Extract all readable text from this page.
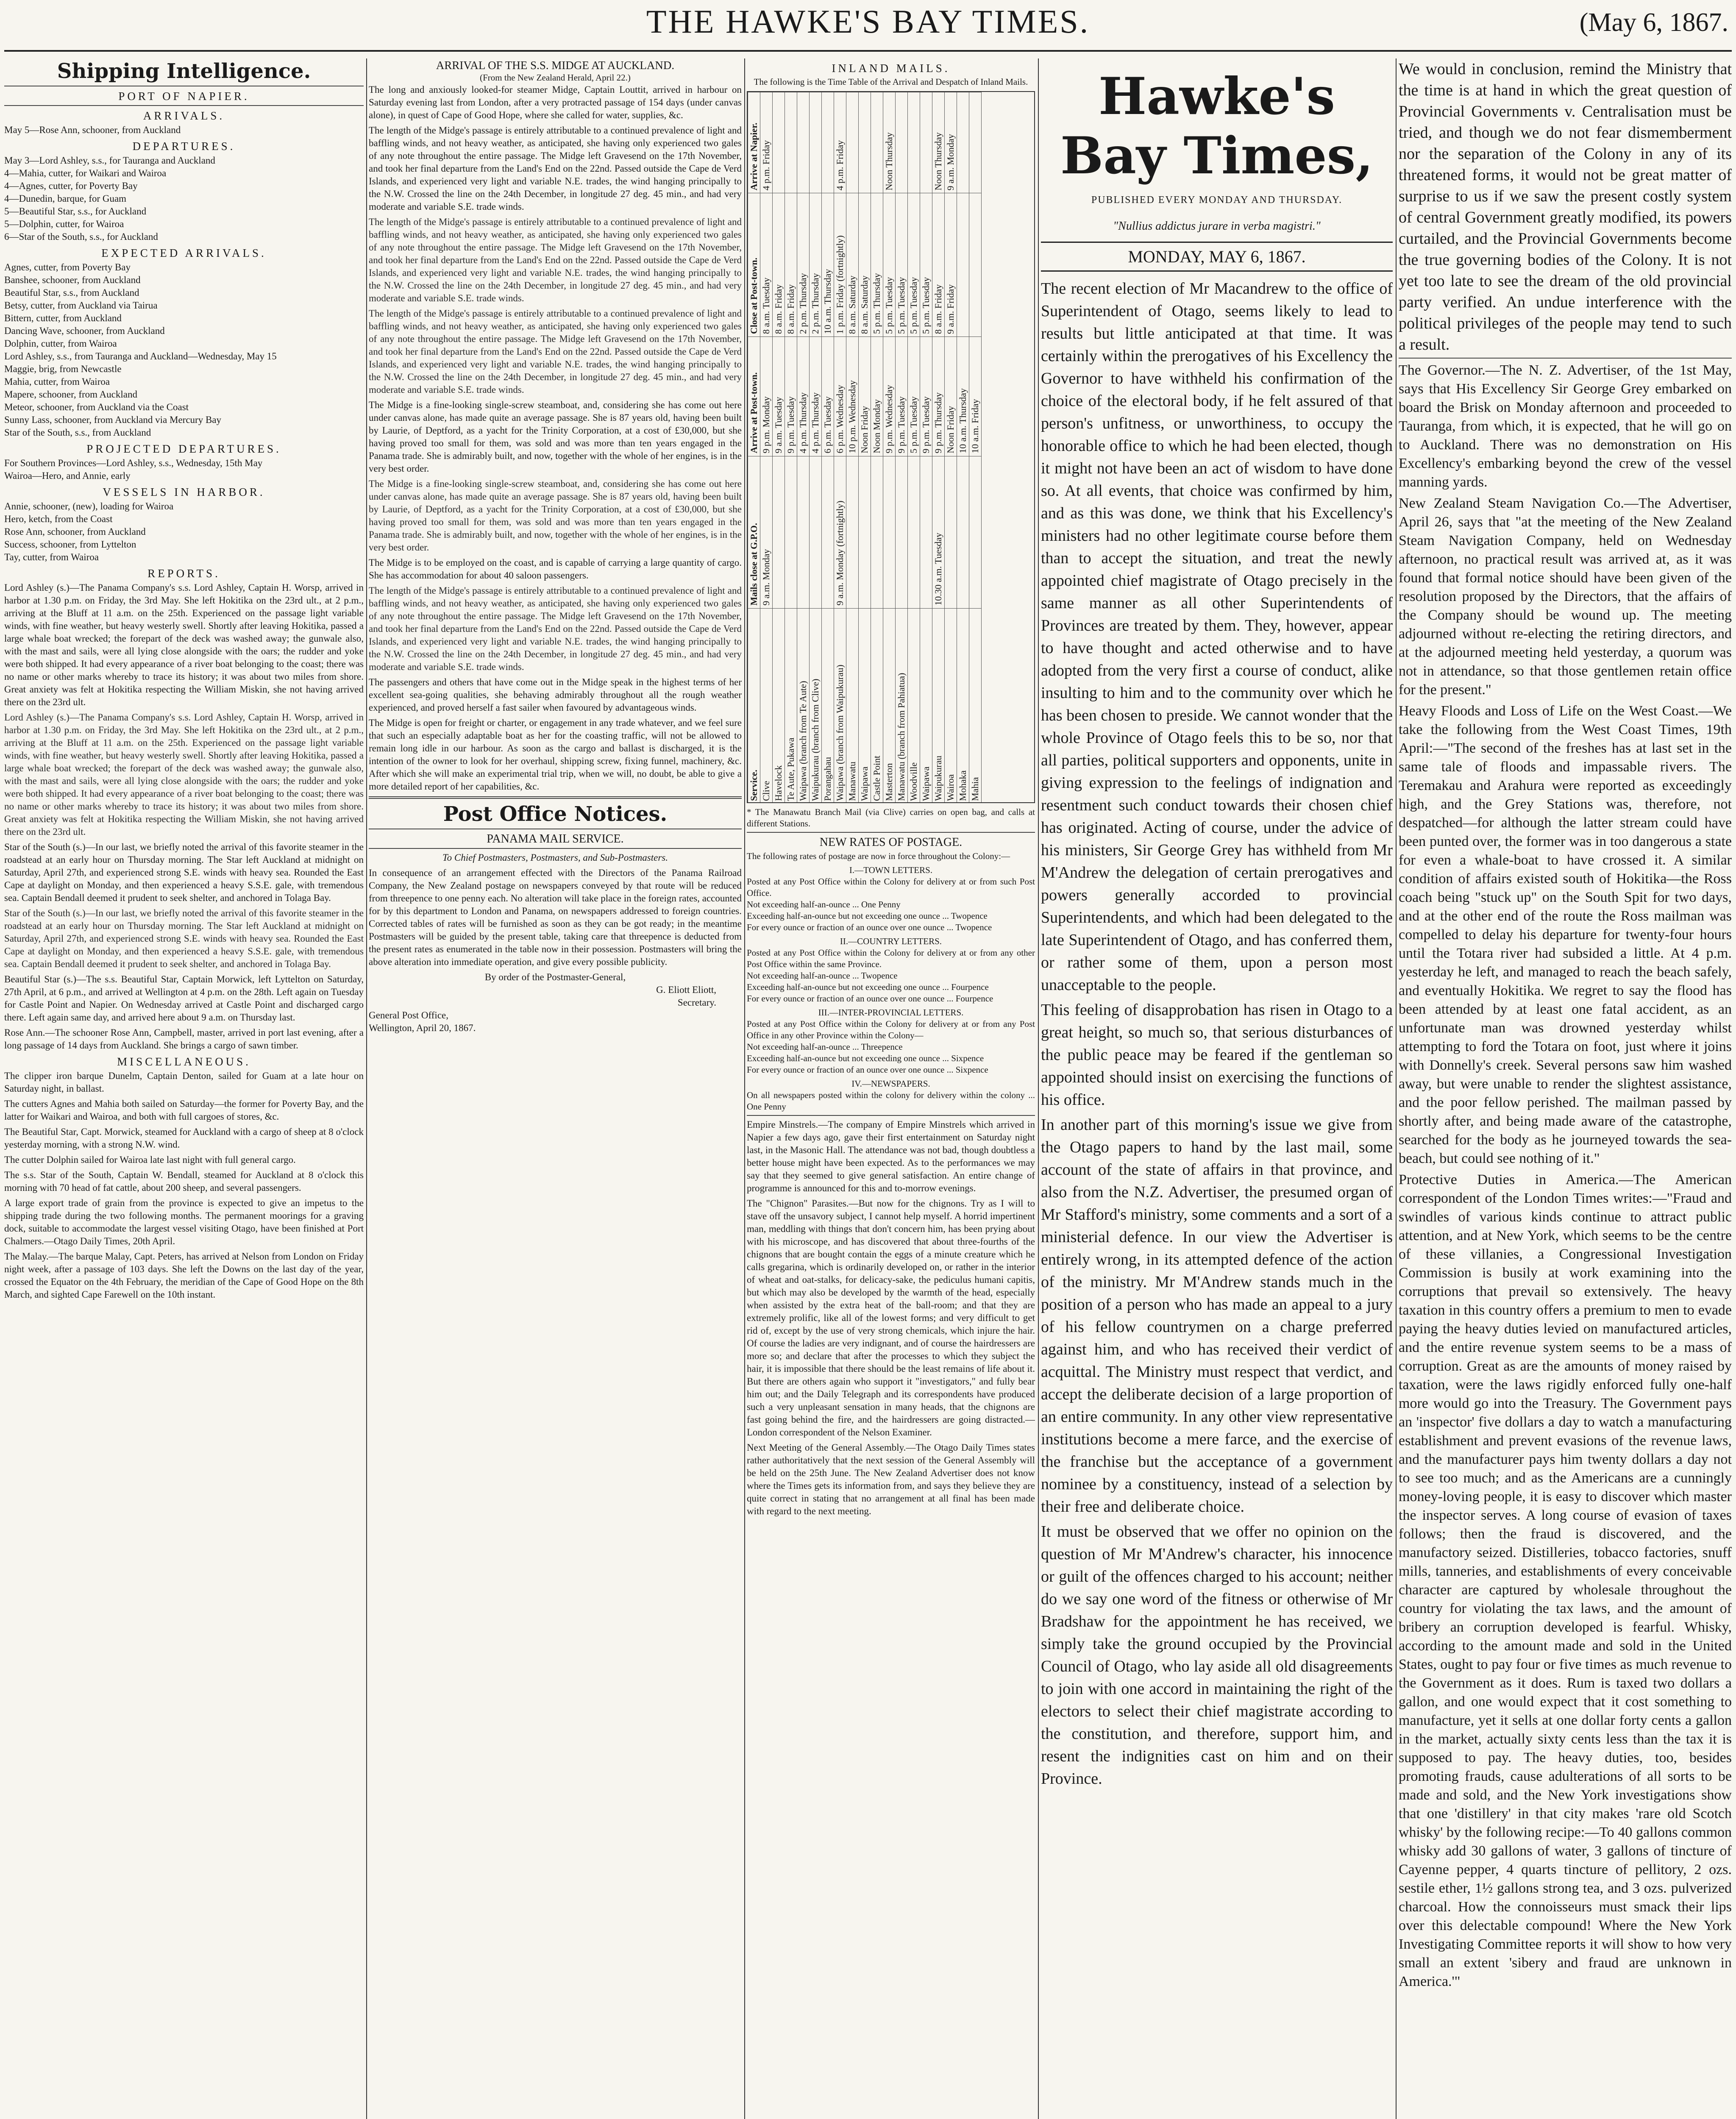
THE HAWKE'S BAY TIMES.	(May 6, 1867.
Shipping Intelligence.
PORT OF NAPIER.
ARRIVALS.
May 5—Rose Ann, schooner, from Auckland
DEPARTURES.
May 3—Lord Ashley, s.s., for Tauranga and Auckland
4—Mahia, cutter, for Waikari and Wairoa
4—Agnes, cutter, for Poverty Bay
4—Dunedin, barque, for Guam
5—Beautiful Star, s.s., for Auckland
5—Dolphin, cutter, for Wairoa
6—Star of the South, s.s., for Auckland
EXPECTED ARRIVALS.
Agnes, cutter, from Poverty Bay
Banshee, schooner, from Auckland
Beautiful Star, s.s., from Auckland
Betsy, cutter, from Auckland via Tairua
Bittern, cutter, from Auckland
Dancing Wave, schooner, from Auckland
Dolphin, cutter, from Wairoa
Lord Ashley, s.s., from Tauranga and Auckland—Wednesday, May 15
Maggie, brig, from Newcastle
Mahia, cutter, from Wairoa
Mapere, schooner, from Auckland
Meteor, schooner, from Auckland via the Coast
Sunny Lass, schooner, from Auckland via Mercury Bay
Star of the South, s.s., from Auckland
PROJECTED DEPARTURES.
For Southern Provinces—Lord Ashley, s.s., Wednesday, 15th May
Wairoa—Hero, and Annie, early
VESSELS IN HARBOR.
Annie, schooner, (new), loading for Wairoa
Hero, ketch, from the Coast
Rose Ann, schooner, from Auckland
Success, schooner, from Lyttelton
Tay, cutter, from Wairoa
REPORTS.
Lord Ashley (s.)—The Panama Company's s.s. Lord Ashley, Captain H. Worsp, arrived in harbor at 1.30 p.m. on Friday, the 3rd May. She left Hokitika on the 23rd ult., at 2 p.m., arriving at the Bluff at 11 a.m. on the 25th. Experienced on the passage light variable winds, with fine weather, but heavy westerly swell. Shortly after leaving Hokitika, passed a large whale boat wrecked; the forepart of the deck was washed away; the gunwale also, with the mast and sails, were all lying close alongside with the oars; the rudder and yoke were both shipped. It had every appearance of a river boat belonging to the coast; there was no name or other marks whereby to trace its history; it was about two miles from shore. Great anxiety was felt at Hokitika respecting the William Miskin, she not having arrived there on the 23rd ult.
Lord Ashley (s.)—The Panama Company's s.s. Lord Ashley, Captain H. Worsp, arrived in harbor at 1.30 p.m. on Friday, the 3rd May. She left Hokitika on the 23rd ult., at 2 p.m., arriving at the Bluff at 11 a.m. on the 25th. Experienced on the passage light variable winds, with fine weather, but heavy westerly swell. Shortly after leaving Hokitika, passed a large whale boat wrecked; the forepart of the deck was washed away; the gunwale also, with the mast and sails, were all lying close alongside with the oars; the rudder and yoke were both shipped. It had every appearance of a river boat belonging to the coast; there was no name or other marks whereby to trace its history; it was about two miles from shore. Great anxiety was felt at Hokitika respecting the William Miskin, she not having arrived there on the 23rd ult.
Star of the South (s.)—In our last, we briefly noted the arrival of this favorite steamer in the roadstead at an early hour on Thursday morning. The Star left Auckland at midnight on Saturday, April 27th, and experienced strong S.E. winds with heavy sea. Rounded the East Cape at daylight on Monday, and then experienced a heavy S.S.E. gale, with tremendous sea. Captain Bendall deemed it prudent to seek shelter, and anchored in Tolaga Bay.
Star of the South (s.)—In our last, we briefly noted the arrival of this favorite steamer in the roadstead at an early hour on Thursday morning. The Star left Auckland at midnight on Saturday, April 27th, and experienced strong S.E. winds with heavy sea. Rounded the East Cape at daylight on Monday, and then experienced a heavy S.S.E. gale, with tremendous sea. Captain Bendall deemed it prudent to seek shelter, and anchored in Tolaga Bay.
Beautiful Star (s.)—The s.s. Beautiful Star, Captain Morwick, left Lyttelton on Saturday, 27th April, at 6 p.m., and arrived at Wellington at 4 p.m. on the 28th. Left again on Tuesday for Castle Point and Napier. On Wednesday arrived at Castle Point and discharged cargo there. Left again same day, and arrived here about 9 a.m. on Thursday last.
Rose Ann.—The schooner Rose Ann, Campbell, master, arrived in port last evening, after a long passage of 14 days from Auckland. She brings a cargo of sawn timber.
MISCELLANEOUS.
The clipper iron barque Dunelm, Captain Denton, sailed for Guam at a late hour on Saturday night, in ballast.
The cutters Agnes and Mahia both sailed on Saturday—the former for Poverty Bay, and the latter for Waikari and Wairoa, and both with full cargoes of stores, &c.
The Beautiful Star, Capt. Morwick, steamed for Auckland with a cargo of sheep at 8 o'clock yesterday morning, with a strong N.W. wind.
The cutter Dolphin sailed for Wairoa late last night with full general cargo.
The s.s. Star of the South, Captain W. Bendall, steamed for Auckland at 8 o'clock this morning with 70 head of fat cattle, about 200 sheep, and several passengers.
A large export trade of grain from the province is expected to give an impetus to the shipping trade during the two following months. The permanent moorings for a graving dock, suitable to accommodate the largest vessel visiting Otago, have been finished at Port Chalmers.—Otago Daily Times, 20th April.
The Malay.—The barque Malay, Capt. Peters, has arrived at Nelson from London on Friday night week, after a passage of 103 days. She left the Downs on the last day of the year, crossed the Equator on the 4th February, the meridian of the Cape of Good Hope on the 8th March, and sighted Cape Farewell on the 10th instant.
ARRIVAL OF THE S.S. MIDGE AT AUCKLAND.
(From the New Zealand Herald, April 22.)
The long and anxiously looked-for steamer Midge, Captain Louttit, arrived in harbour on Saturday evening last from London, after a very protracted passage of 154 days (under canvas alone), in quest of Cape of Good Hope, where she called for water, supplies, &c.
The length of the Midge's passage is entirely attributable to a continued prevalence of light and baffling winds, and not heavy weather, as anticipated, she having only experienced two gales of any note throughout the entire passage. The Midge left Gravesend on the 17th November, and took her final departure from the Land's End on the 22nd. Passed outside the Cape de Verd Islands, and experienced very light and variable N.E. trades, the wind hanging principally to the N.W. Crossed the line on the 24th December, in longitude 27 deg. 45 min., and had very moderate and variable S.E. trade winds.
The length of the Midge's passage is entirely attributable to a continued prevalence of light and baffling winds, and not heavy weather, as anticipated, she having only experienced two gales of any note throughout the entire passage. The Midge left Gravesend on the 17th November, and took her final departure from the Land's End on the 22nd. Passed outside the Cape de Verd Islands, and experienced very light and variable N.E. trades, the wind hanging principally to the N.W. Crossed the line on the 24th December, in longitude 27 deg. 45 min., and had very moderate and variable S.E. trade winds.
The length of the Midge's passage is entirely attributable to a continued prevalence of light and baffling winds, and not heavy weather, as anticipated, she having only experienced two gales of any note throughout the entire passage. The Midge left Gravesend on the 17th November, and took her final departure from the Land's End on the 22nd. Passed outside the Cape de Verd Islands, and experienced very light and variable N.E. trades, the wind hanging principally to the N.W. Crossed the line on the 24th December, in longitude 27 deg. 45 min., and had very moderate and variable S.E. trade winds.
The Midge is a fine-looking single-screw steamboat, and, considering she has come out here under canvas alone, has made quite an average passage. She is 87 years old, having been built by Laurie, of Deptford, as a yacht for the Trinity Corporation, at a cost of £30,000, but she having proved too small for them, was sold and was more than ten years engaged in the Panama trade. She is admirably built, and now, together with the whole of her engines, is in the very best order.
The Midge is a fine-looking single-screw steamboat, and, considering she has come out here under canvas alone, has made quite an average passage. She is 87 years old, having been built by Laurie, of Deptford, as a yacht for the Trinity Corporation, at a cost of £30,000, but she having proved too small for them, was sold and was more than ten years engaged in the Panama trade. She is admirably built, and now, together with the whole of her engines, is in the very best order.
The Midge is to be employed on the coast, and is capable of carrying a large quantity of cargo. She has accommodation for about 40 saloon passengers.
The length of the Midge's passage is entirely attributable to a continued prevalence of light and baffling winds, and not heavy weather, as anticipated, she having only experienced two gales of any note throughout the entire passage. The Midge left Gravesend on the 17th November, and took her final departure from the Land's End on the 22nd. Passed outside the Cape de Verd Islands, and experienced very light and variable N.E. trades, the wind hanging principally to the N.W. Crossed the line on the 24th December, in longitude 27 deg. 45 min., and had very moderate and variable S.E. trade winds.
The passengers and others that have come out in the Midge speak in the highest terms of her excellent sea-going qualities, she behaving admirably throughout all the rough weather experienced, and proved herself a fast sailer when favoured by advantageous winds.
The Midge is open for freight or charter, or engagement in any trade whatever, and we feel sure that such an especially adaptable boat as her for the coasting traffic, will not be allowed to remain long idle in our harbour. As soon as the cargo and ballast is discharged, it is the intention of the owner to look for her overhaul, shipping screw, fixing funnel, machinery, &c. After which she will make an experimental trial trip, when we will, no doubt, be able to give a more detailed report of her capabilities, &c.
Post Office Notices.
PANAMA MAIL SERVICE.
To Chief Postmasters, Postmasters, and Sub-Postmasters.
In consequence of an arrangement effected with the Directors of the Panama Railroad Company, the New Zealand postage on newspapers conveyed by that route will be reduced from threepence to one penny each. No alteration will take place in the foreign rates, accounted for by this department to London and Panama, on newspapers addressed to foreign countries. Corrected tables of rates will be furnished as soon as they can be got ready; in the meantime Postmasters will be guided by the present table, taking care that threepence is deducted from the present rates as enumerated in the table now in their possession. Postmasters will bring the above alteration into immediate operation, and give every possible publicity.
By order of the Postmaster-General,
G. Eliott Eliott,
Secretary.
General Post Office,
Wellington, April 20, 1867.
INLAND MAILS.
The following is the Time Table of the Arrival and Despatch of Inland Mails.
Service.	Mails close at G.P.O.	Arrive at Post-town.	Close at Post-town.	Arrive at Napier.
Clive	9 a.m. Monday	9 p.m. Monday	8 a.m. Tuesday	4 p.m. Friday
Havelock		9 a.m. Tuesday	8 a.m. Friday	
Te Aute, Pukawa		9 p.m. Tuesday	8 a.m. Friday	
Waipawa (branch from Te Aute)		4 p.m. Thursday	2 p.m. Thursday	
Waipukurau (branch from Clive)		4 p.m. Thursday	2 p.m. Thursday	
Porangahau		6 p.m. Tuesday	10 a.m. Thursday	
Waipawa (branch from Waipukurau)	9 a.m. Monday (fortnightly)	6 p.m. Wednesday	1 p.m. Friday (fortnightly)	4 p.m. Friday
Manawatu		10 p.m. Wednesday	8 a.m. Saturday	
Waipawa		Noon Friday	8 a.m. Saturday	
Castle Point		Noon Monday	5 p.m. Thursday	
Masterton		9 p.m. Wednesday	5 p.m. Tuesday	Noon Thursday
Manawatu (branch from Pahiatua)		9 p.m. Tuesday	5 p.m. Tuesday	
Woodville		5 p.m. Tuesday	5 p.m. Tuesday	
Waipawa		9 p.m. Tuesday	5 p.m. Tuesday	
Waipukurau	10.30 a.m. Tuesday	9 p.m. Thursday	8 a.m. Friday	Noon Thursday
Wairoa		Noon Friday	9 a.m. Friday	9 a.m. Monday
Mohaka		10 a.m. Thursday		
Mahia		10 a.m. Friday		
* The Manawatu Branch Mail (via Clive) carries on open bag, and calls at different Stations.
NEW RATES OF POSTAGE.
The following rates of postage are now in force throughout the Colony:—
I.—TOWN LETTERS.
Posted at any Post Office within the Colony for delivery at or from such Post Office.
Not exceeding half-an-ounce ... One Penny
Exceeding half-an-ounce but not exceeding one ounce ... Twopence
For every ounce or fraction of an ounce over one ounce ... Twopence
II.—COUNTRY LETTERS.
Posted at any Post Office within the Colony for delivery at or from any other Post Office within the same Province.
Not exceeding half-an-ounce ... Twopence
Exceeding half-an-ounce but not exceeding one ounce ... Fourpence
For every ounce or fraction of an ounce over one ounce ... Fourpence
III.—INTER-PROVINCIAL LETTERS.
Posted at any Post Office within the Colony for delivery at or from any Post Office in any other Province within the Colony—
Not exceeding half-an-ounce ... Threepence
Exceeding half-an-ounce but not exceeding one ounce ... Sixpence
For every ounce or fraction of an ounce over one ounce ... Sixpence
IV.—NEWSPAPERS.
On all newspapers posted within the colony for delivery within the colony ... One Penny
Empire Minstrels.—The company of Empire Minstrels which arrived in Napier a few days ago, gave their first entertainment on Saturday night last, in the Masonic Hall. The attendance was not bad, though doubtless a better house might have been expected. As to the performances we may say that they seemed to give general satisfaction. An entire change of programme is announced for this and to-morrow evenings.
The "Chignon" Parasites.—But now for the chignons. Try as I will to stave off the unsavory subject, I cannot help myself. A horrid impertinent man, meddling with things that don't concern him, has been prying about with his microscope, and has discovered that about three-fourths of the chignons that are bought contain the eggs of a minute creature which he calls gregarina, which is ordinarily developed on, or rather in the interior of wheat and oat-stalks, for delicacy-sake, the pediculus humani capitis, but which may also be developed by the warmth of the head, especially when assisted by the extra heat of the ball-room; and that they are extremely prolific, like all of the lowest forms; and very difficult to get rid of, except by the use of very strong chemicals, which injure the hair. Of course the ladies are very indignant, and of course the hairdressers are more so; and declare that after the processes to which they subject the hair, it is impossible that there should be the least remains of life about it. But there are others again who support it "investigators," and fully bear him out; and the Daily Telegraph and its correspondents have produced such a very unpleasant sensation in many heads, that the chignons are fast going behind the fire, and the hairdressers are going distracted.—London correspondent of the Nelson Examiner.
Next Meeting of the General Assembly.—The Otago Daily Times states rather authoritatively that the next session of the General Assembly will be held on the 25th June. The New Zealand Advertiser does not know where the Times gets its information from, and says they believe they are quite correct in stating that no arrangement at all final has been made with regard to the next meeting.
Hawke's Bay Times,
PUBLISHED EVERY MONDAY AND THURSDAY.
"Nullius addictus jurare in verba magistri."
MONDAY, MAY 6, 1867.
The recent election of Mr Macandrew to the office of Superintendent of Otago, seems likely to lead to results but little anticipated at that time. It was certainly within the prerogatives of his Excellency the Governor to have withheld his confirmation of the choice of the electoral body, if he felt assured of that person's unfitness, or unworthiness, to occupy the honorable office to which he had been elected, though it might not have been an act of wisdom to have done so. At all events, that choice was confirmed by him, and as this was done, we think that his Excellency's ministers had no other legitimate course before them than to accept the situation, and treat the newly appointed chief magistrate of Otago precisely in the same manner as all other Superintendents of Provinces are treated by them. They, however, appear to have thought and acted otherwise and to have adopted from the very first a course of conduct, alike insulting to him and to the community over which he has been chosen to preside. We cannot wonder that the whole Province of Otago feels this to be so, nor that all parties, political supporters and opponents, unite in giving expression to the feelings of indignation and resentment such conduct towards their chosen chief has originated. Acting of course, under the advice of his ministers, Sir George Grey has withheld from Mr M'Andrew the delegation of certain prerogatives and powers generally accorded to provincial Superintendents, and which had been delegated to the late Superintendent of Otago, and has conferred them, or rather some of them, upon a person most unacceptable to the people.
This feeling of disapprobation has risen in Otago to a great height, so much so, that serious disturbances of the public peace may be feared if the gentleman so appointed should insist on exercising the functions of his office.
In another part of this morning's issue we give from the Otago papers to hand by the last mail, some account of the state of affairs in that province, and also from the N.Z. Advertiser, the presumed organ of Mr Stafford's ministry, some comments and a sort of a ministerial defence. In our view the Advertiser is entirely wrong, in its attempted defence of the action of the ministry. Mr M'Andrew stands much in the position of a person who has made an appeal to a jury of his fellow countrymen on a charge preferred against him, and who has received their verdict of acquittal. The Ministry must respect that verdict, and accept the deliberate decision of a large proportion of an entire community. In any other view representative institutions become a mere farce, and the exercise of the franchise but the acceptance of a government nominee by a constituency, instead of a selection by their free and deliberate choice.
It must be observed that we offer no opinion on the question of Mr M'Andrew's character, his innocence or guilt of the offences charged to his account; neither do we say one word of the fitness or otherwise of Mr Bradshaw for the appointment he has received, we simply take the ground occupied by the Provincial Council of Otago, who lay aside all old disagreements to join with one accord in maintaining the right of the electors to select their chief magistrate according to the constitution, and therefore, support him, and resent the indignities cast on him and on their Province.
We would in conclusion, remind the Ministry that the time is at hand in which the great question of Provincial Governments v. Centralisation must be tried, and though we do not fear dismemberment nor the separation of the Colony in any of its threatened forms, it would not be great matter of surprise to us if we saw the present costly system of central Government greatly modified, its powers curtailed, and the Provincial Governments become the true governing bodies of the Colony. It is not yet too late to see the dream of the old provincial party verified. An undue interference with the political privileges of the people may tend to such a result.
The Governor.—The N. Z. Advertiser, of the 1st May, says that His Excellency Sir George Grey embarked on board the Brisk on Monday afternoon and proceeded to Tauranga, from which, it is expected, that he will go on to Auckland. There was no demonstration on His Excellency's embarking beyond the crew of the vessel manning yards.
New Zealand Steam Navigation Co.—The Advertiser, April 26, says that "at the meeting of the New Zealand Steam Navigation Company, held on Wednesday afternoon, no practical result was arrived at, as it was found that formal notice should have been given of the resolution proposed by the Directors, that the affairs of the Company should be wound up. The meeting adjourned without re-electing the retiring directors, and at the adjourned meeting held yesterday, a quorum was not in attendance, so that those gentlemen retain office for the present."
Heavy Floods and Loss of Life on the West Coast.—We take the following from the West Coast Times, 19th April:—"The second of the freshes has at last set in the same tale of floods and impassable rivers. The Teremakau and Arahura were reported as exceedingly high, and the Grey Stations was, therefore, not despatched—for although the latter stream could have been punted over, the former was in too dangerous a state for even a whale-boat to have crossed it. A similar condition of affairs existed south of Hokitika—the Ross coach being "stuck up" on the South Spit for two days, and at the other end of the route the Ross mailman was compelled to delay his departure for twenty-four hours until the Totara river had subsided a little. At 4 p.m. yesterday he left, and managed to reach the beach safely, and eventually Hokitika. We regret to say the flood has been attended by at least one fatal accident, as an unfortunate man was drowned yesterday whilst attempting to ford the Totara on foot, just where it joins with Donnelly's creek. Several persons saw him washed away, but were unable to render the slightest assistance, and the poor fellow perished. The mailman passed by shortly after, and being made aware of the catastrophe, searched for the body as he journeyed towards the sea-beach, but could see nothing of it."
Protective Duties in America.—The American correspondent of the London Times writes:—"Fraud and swindles of various kinds continue to attract public attention, and at New York, which seems to be the centre of these villanies, a Congressional Investigation Commission is busily at work examining into the corruptions that prevail so extensively. The heavy taxation in this country offers a premium to men to evade paying the heavy duties levied on manufactured articles, and the entire revenue system seems to be a mass of corruption. Great as are the amounts of money raised by taxation, were the laws rigidly enforced fully one-half more would go into the Treasury. The Government pays an 'inspector' five dollars a day to watch a manufacturing establishment and prevent evasions of the revenue laws, and the manufacturer pays him twenty dollars a day not to see too much; and as the Americans are a cunningly money-loving people, it is easy to discover which master the inspector serves. A long course of evasion of taxes follows; then the fraud is discovered, and the manufactory seized. Distilleries, tobacco factories, snuff mills, tanneries, and establishments of every conceivable character are captured by wholesale throughout the country for violating the tax laws, and the amount of bribery an corruption developed is fearful. Whisky, according to the amount made and sold in the United States, ought to pay four or five times as much revenue to the Government as it does. Rum is taxed two dollars a gallon, and one would expect that it cost something to manufacture, yet it sells at one dollar forty cents a gallon in the market, actually sixty cents less than the tax it is supposed to pay. The heavy duties, too, besides promoting frauds, cause adulterations of all sorts to be made and sold, and the New York investigations show that one 'distillery' in that city makes 'rare old Scotch whisky' by the following recipe:—To 40 gallons common whisky add 30 gallons of water, 3 gallons of tincture of Cayenne pepper, 4 quarts tincture of pellitory, 2 ozs. sestile ether, 1½ gallons strong tea, and 3 ozs. pulverized charcoal. How the connoisseurs must smack their lips over this delectable compound! Where the New York Investigating Committee reports it will show to how very small an extent 'sibery and fraud are unknown in America.'"
